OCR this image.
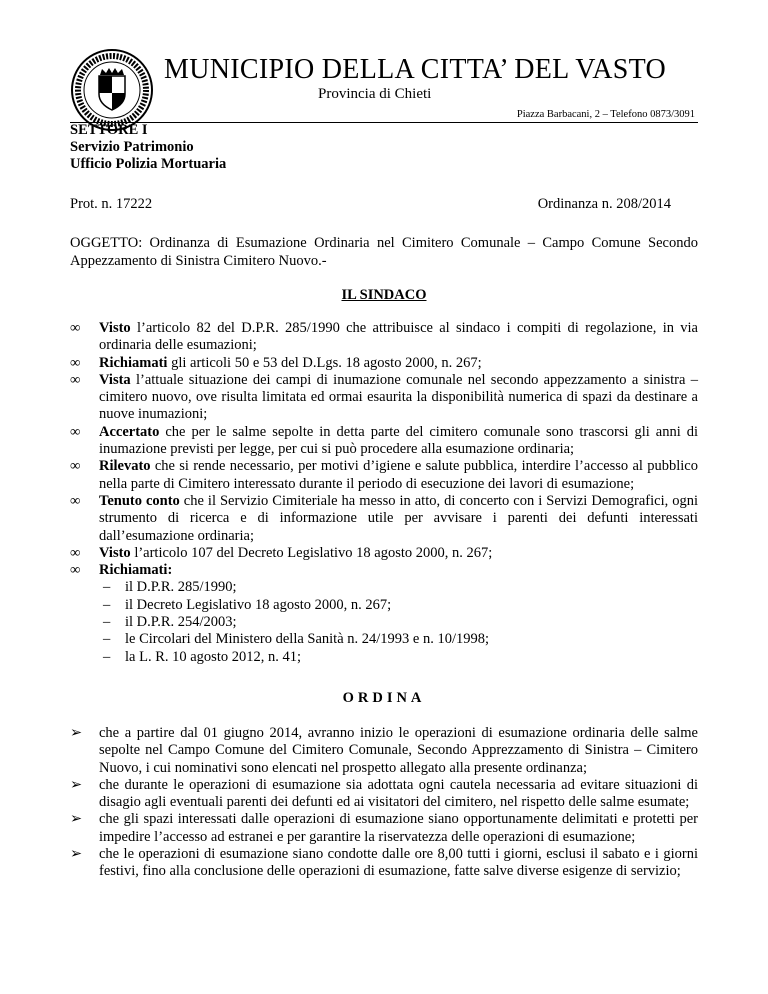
MUNICIPIO DELLA CITTA’ DEL VASTO
Provincia di Chieti
Piazza Barbacani, 2 – Telefono 0873/3091
SETTORE I
Servizio Patrimonio
Ufficio Polizia Mortuaria
Prot. n. 17222	Ordinanza n. 208/2014
OGGETTO: Ordinanza di Esumazione Ordinaria nel Cimitero Comunale – Campo Comune Secondo Appezzamento di Sinistra Cimitero Nuovo.-
IL SINDACO
∞	Visto l’articolo 82 del D.P.R. 285/1990 che attribuisce al sindaco i compiti di regolazione, in via ordinaria delle esumazioni;
∞	Richiamati gli articoli 50 e 53 del D.Lgs. 18 agosto 2000, n. 267;
∞	Vista l’attuale situazione dei campi di inumazione comunale nel secondo appezzamento a sinistra – cimitero nuovo, ove risulta limitata ed ormai esaurita la disponibilità numerica di spazi da destinare a nuove inumazioni;
∞	Accertato che per le salme sepolte in detta parte del cimitero comunale sono trascorsi gli anni di inumazione previsti per legge, per cui si può procedere alla esumazione ordinaria;
∞	Rilevato che si rende necessario, per motivi d’igiene e salute pubblica, interdire l’accesso al pubblico nella parte di Cimitero interessato durante il periodo di esecuzione dei lavori di esumazione;
∞	Tenuto conto che il Servizio Cimiteriale ha messo in atto, di concerto con i Servizi Demografici, ogni strumento di ricerca e di informazione utile per avvisare i parenti dei defunti interessati dall’esumazione ordinaria;
∞	Visto l’articolo 107 del Decreto Legislativo 18 agosto 2000, n. 267;
∞	Richiamati:
– il D.P.R. 285/1990;
– il Decreto Legislativo 18 agosto 2000, n. 267;
– il D.P.R. 254/2003;
– le Circolari del Ministero della Sanità n. 24/1993 e n. 10/1998;
– la L. R. 10 agosto 2012, n. 41;
ORDINA
➢	che a partire dal 01 giugno 2014, avranno inizio le operazioni di esumazione ordinaria delle salme sepolte nel Campo Comune del Cimitero Comunale, Secondo Apprezzamento di Sinistra – Cimitero Nuovo, i cui nominativi sono elencati nel prospetto allegato alla presente ordinanza;
➢	che durante le operazioni di esumazione sia adottata ogni cautela necessaria ad evitare situazioni di disagio agli eventuali parenti dei defunti ed ai visitatori del cimitero, nel rispetto delle salme esumate;
➢	che gli spazi interessati dalle operazioni di esumazione siano opportunamente delimitati e protetti per impedire l’accesso ad estranei e per garantire la riservatezza delle operazioni di esumazione;
➢	che le operazioni di esumazione siano condotte dalle ore 8,00 tutti i giorni, esclusi il sabato e i giorni festivi, fino alla conclusione delle operazioni di esumazione, fatte salve diverse esigenze di servizio;
